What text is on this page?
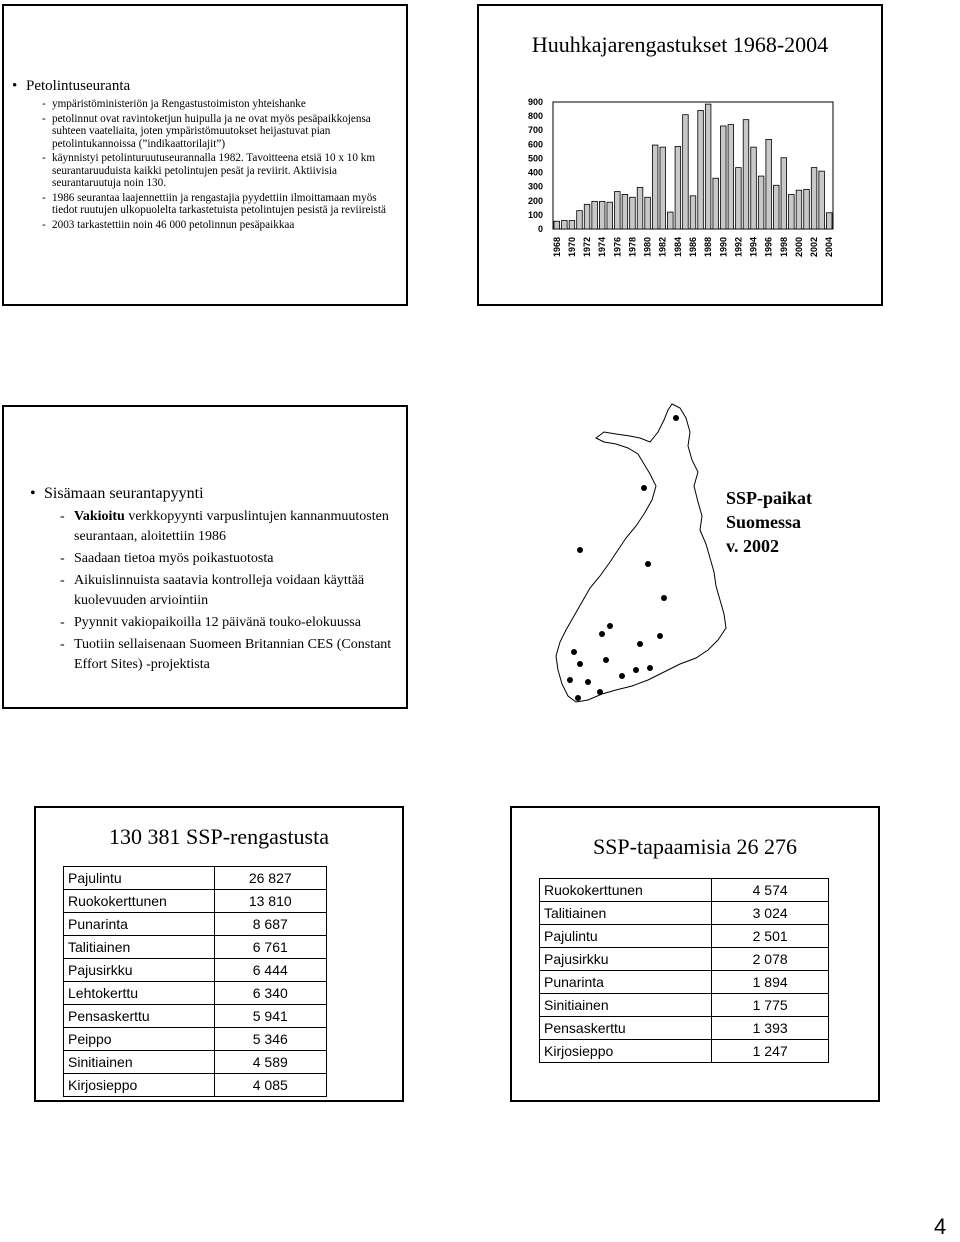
• Petolintuseuranta
- ympäristöministeriön ja Rengastustoimiston yhteishanke
- petolinnut ovat ravintoketjun huipulla ja ne ovat myös pesäpaikkojensa suhteen vaateliaita, joten ympäristömuutokset heijastuvat pian petolintukannoissa (”indikaattorilajit”)
- käynnistyi petolinturuutuseurannalla 1982. Tavoitteena etsiä 10 x 10 km seurantaruuduista kaikki petolintujen pesät ja reviirit. Aktiivisia seurantaruutuja noin 130.
- 1986 seurantaa laajennettiin ja rengastajia pyydettiin ilmoittamaan myös tiedot ruutujen ulkopuolelta tarkastetuista petolintujen pesistä ja reviireistä
- 2003 tarkastettiin noin 46 000 petolinnun pesäpaikkaa
Huuhkajarengastukset 1968-2004
0
100
200
300
400
500
600
700
800
900
1968 1970 1972 1974 1976 1978 1980 1982 1984 1986 1988 1990 1992 1994 1996 1998 2000 2002 2004
• Sisämaan seurantapyynti
- Vakioitu verkkopyynti varpuslintujen kannanmuutosten seurantaan, aloitettiin 1986
- Saadaan tietoa myös poikastuotosta
- Aikuislinnuista saatavia kontrolleja voidaan käyttää kuolevuuden arviointiin
- Pyynnit vakiopaikoilla 12 päivänä touko-elokuussa
- Tuotiin sellaisenaan Suomeen Britannian CES (Constant Effort Sites) -projektista
SSP-paikat
Suomessa
v. 2002
130 381 SSP-rengastusta
Pajulintu	26 827
Ruokokerttunen	13 810
Punarinta	8 687
Talitiainen	6 761
Pajusirkku	6 444
Lehtokerttu	6 340
Pensaskerttu	5 941
Peippo	5 346
Sinitiainen	4 589
Kirjosieppo	4 085
SSP-tapaamisia 26 276
Ruokokerttunen	4 574
Talitiainen	3 024
Pajulintu	2 501
Pajusirkku	2 078
Punarinta	1 894
Sinitiainen	1 775
Pensaskerttu	1 393
Kirjosieppo	1 247
4
